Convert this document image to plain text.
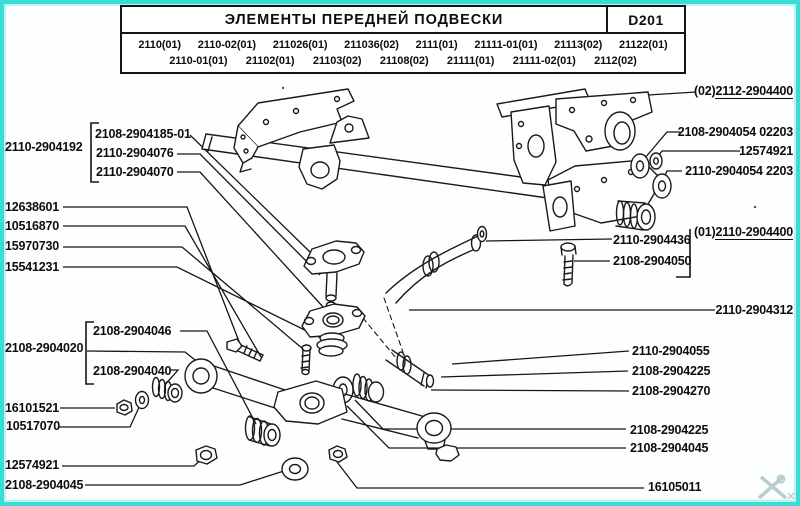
ЭЛЕМЕНТЫ ПЕРЕДНЕЙ ПОДВЕСКИ	D201
2110(01) 2110-02(01) 211026(01) 211036(02) 2111(01) 21111-01(01) 21113(02) 21122(01)
2110-01(01) 21102(01) 21103(02) 21108(02) 21111(01) 21111-02(01) 2112(02)
2110-2904192
2108-2904185-01
2110-2904076
2110-2904070
12638601
10516870
15970730
15541231
2108-2904046
2108-2904020
2108-2904040
16101521
10517070
12574921
2108-2904045
(02)2112-2904400
2108-2904054 02203
12574921
2110-2904054 2203
(01)2110-2904400
2110-2904436
2108-2904050
2110-2904312
2110-2904055
2108-2904225
2108-2904270
2108-2904225
2108-2904045
16105011
